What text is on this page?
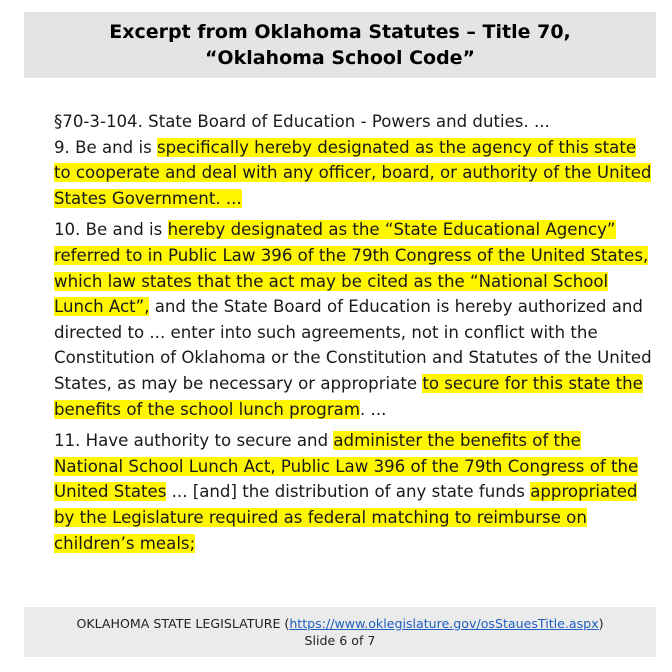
Excerpt from Oklahoma Statutes – Title 70,
“Oklahoma School Code”

§70-3-104. State Board of Education - Powers and duties. ...
9. Be and is specifically hereby designated as the agency of this state to cooperate and deal with any officer, board, or authority of the United States Government. ...

10. Be and is hereby designated as the “State Educational Agency” referred to in Public Law 396 of the 79th Congress of the United States, which law states that the act may be cited as the “National School Lunch Act”, and the State Board of Education is hereby authorized and directed to ... enter into such agreements, not in conflict with the Constitution of Oklahoma or the Constitution and Statutes of the United States, as may be necessary or appropriate to secure for this state the benefits of the school lunch program. ...

11. Have authority to secure and administer the benefits of the National School Lunch Act, Public Law 396 of the 79th Congress of the United States ... [and] the distribution of any state funds appropriated by the Legislature required as federal matching to reimburse on children’s meals;

OKLAHOMA STATE LEGISLATURE (https://www.oklegislature.gov/osStauesTitle.aspx)
Slide 6 of 7
